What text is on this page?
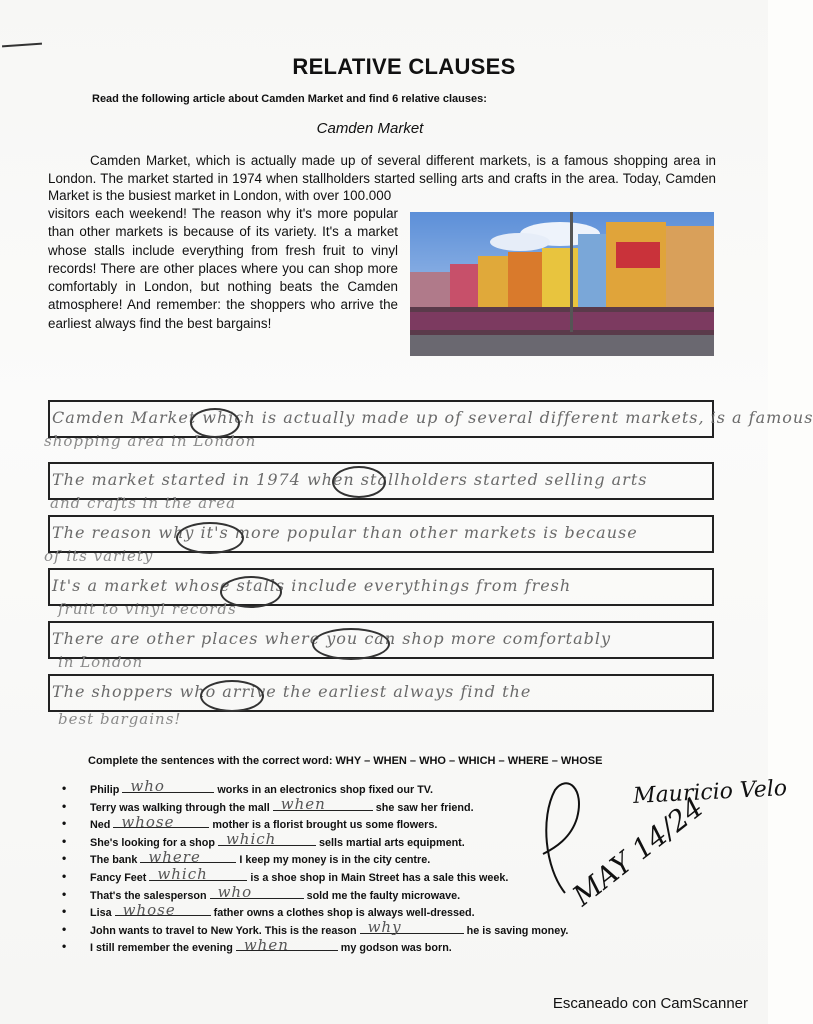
RELATIVE CLAUSES
Read the following article about Camden Market and find 6 relative clauses:
Camden Market
Camden Market, which is actually made up of several different markets, is a famous shopping area in London. The market started in 1974 when stallholders started selling arts and crafts in the area. Today, Camden Market is the busiest market in London, with over 100.000
visitors each weekend! The reason why it's more popular than other markets is because of its variety. It's a market whose stalls include everything from fresh fruit to vinyl records! There are other places where you can shop more comfortably in London, but nothing beats the Camden atmosphere! And remember: the shoppers who arrive the earliest always find the best bargains!
Camden Market which is actually made up of several different markets, is a famous
shopping area in London
The market started in 1974 when stallholders started selling arts
and crafts in the area
The reason why it's more popular than other markets is because
of its variety
It's a market whose stalls include everythings from fresh
fruit to vinyl records
There are other places where you can shop more comfortably
in London
The shoppers who arrive the earliest always find the
best bargains!
Complete the sentences with the correct word: WHY – WHEN – WHO – WHICH – WHERE – WHOSE
• Philip who	works in an electronics shop fixed our TV.
• Terry was walking through the mall when	she saw her friend.
• Ned whose	mother is a florist brought us some flowers.
• She's looking for a shop which	sells martial arts equipment.
• The bank where	I keep my money is in the city centre.
• Fancy Feet which	is a shoe shop in Main Street has a sale this week.
• That's the salesperson who	sold me the faulty microwave.
• Lisa whose	father owns a clothes shop is always well-dressed.
• John wants to travel to New York. This is the reason why	he is saving money.
• I still remember the evening when	my godson was born.
Mauricio Velo
MAY 14/24
Escaneado con CamScanner
